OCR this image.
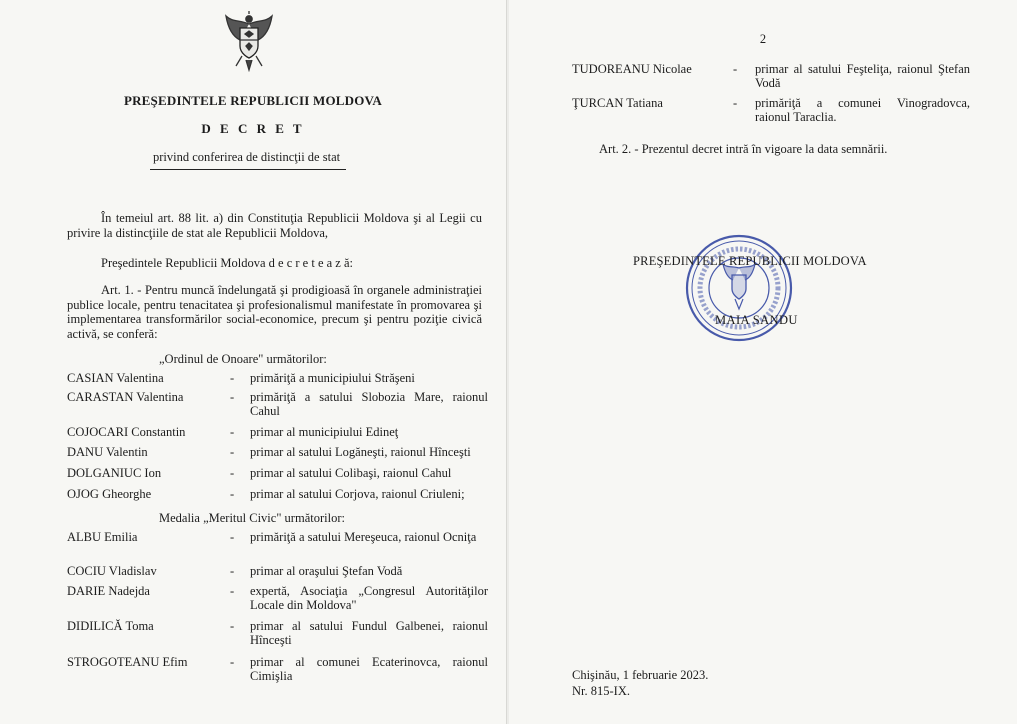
PREŞEDINTELE REPUBLICII MOLDOVA
D E C R E T
privind conferirea de distincţii de stat
În temeiul art. 88 lit. a) din Constituţia Republicii Moldova şi al Legii cu privire la distincţiile de stat ale Republicii Moldova,
Preşedintele Republicii Moldova d e c r e t e a z ă:
Art. 1. - Pentru muncă îndelungată şi prodigioasă în organele administraţiei publice locale, pentru tenacitatea şi profesionalismul manifestate în promovarea şi implementarea transformărilor social-economice, precum şi pentru poziţie civică activă, se conferă:
„Ordinul de Onoare" următorilor:
CASIAN Valentina	- primăriţă a municipiului Străşeni
CARASTAN Valentina	- primăriţă a satului Slobozia Mare, raionul Cahul
COJOCARI Constantin	- primar al municipiului Edineţ
DANU Valentin	- primar al satului Logăneşti, raionul Hînceşti
DOLGANIUC Ion	- primar al satului Colibaşi, raionul Cahul
OJOG Gheorghe	- primar al satului Corjova, raionul Criuleni;
Medalia „Meritul Civic" următorilor:
ALBU Emilia	- primăriţă a satului Mereşeuca, raionul Ocniţa
COCIU Vladislav	- primar al oraşului Ştefan Vodă
DARIE Nadejda	- expertă, Asociaţia „Congresul Autorităţilor Locale din Moldova"
DIDILICĂ Toma	- primar al satului Fundul Galbenei, raionul Hînceşti
STROGOTEANU Efim	- primar al comunei Ecaterinovca, raionul Cimişlia
2
TUDOREANU Nicolae	- primar al satului Feşteliţa, raionul Ştefan Vodă
ŢURCAN Tatiana	- primăriţă a comunei Vinogradovca, raionul Taraclia.
Art. 2. - Prezentul decret intră în vigoare la data semnării.
PREŞEDINTELE REPUBLICII MOLDOVA
MAIA SANDU
Chişinău, 1 februarie 2023.
Nr. 815-IX.
